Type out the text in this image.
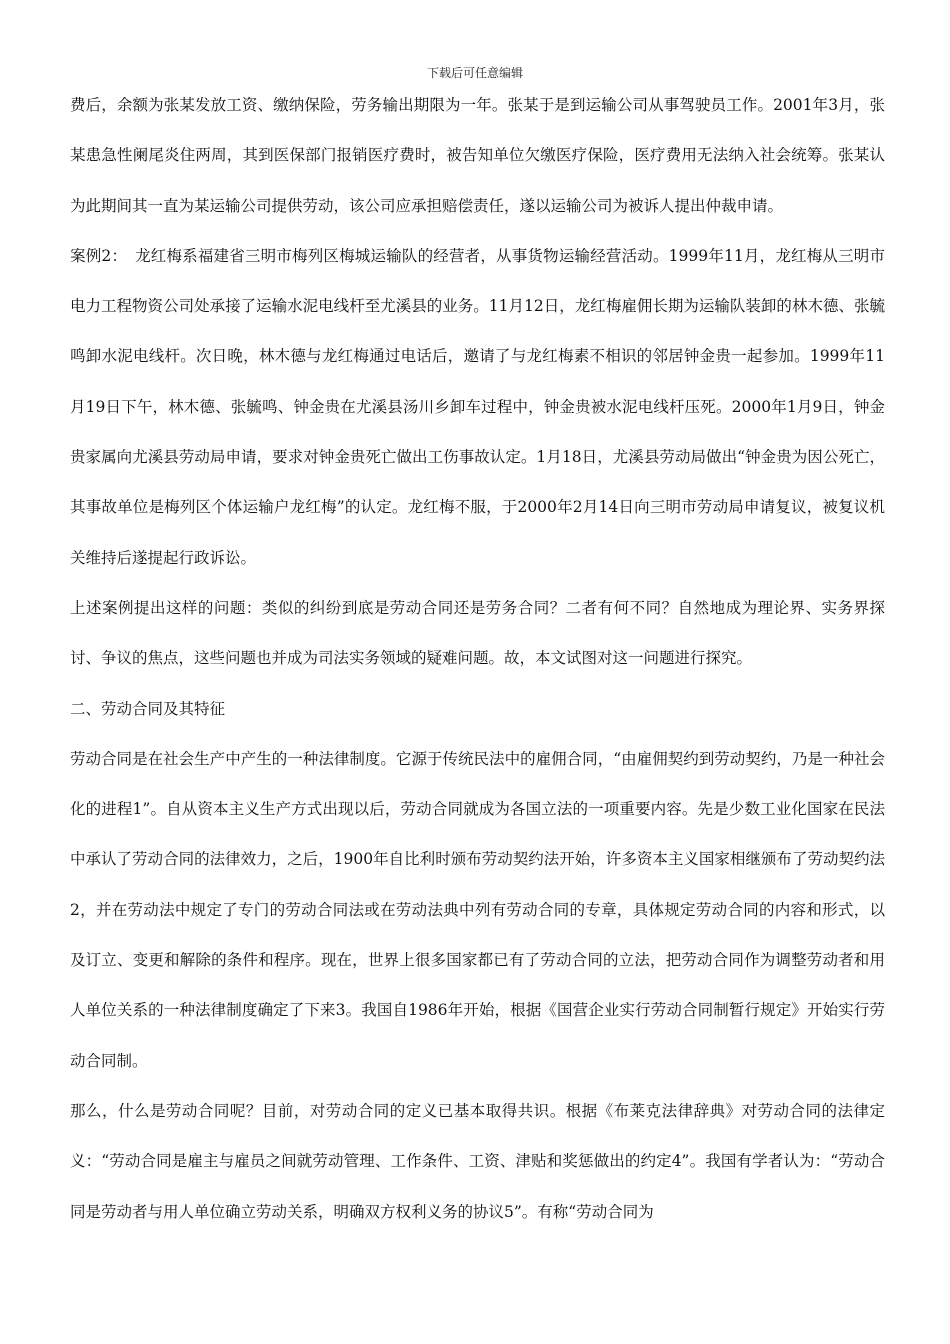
下载后可任意编辑

费后，余额为张某发放工资、缴纳保险，劳务输出期限为一年。张某于是到运输公司从事驾驶员工作。2001年3月，张某患急性阑尾炎住两周，其到医保部门报销医疗费时，被告知单位欠缴医疗保险，医疗费用无法纳入社会统筹。张某认为此期间其一直为某运输公司提供劳动，该公司应承担赔偿责任，遂以运输公司为被诉人提出仲裁申请。

案例2：　龙红梅系福建省三明市梅列区梅城运输队的经营者，从事货物运输经营活动。1999年11月，龙红梅从三明市电力工程物资公司处承接了运输水泥电线杆至尤溪县的业务。11月12日，龙红梅雇佣长期为运输队装卸的林木德、张毓鸣卸水泥电线杆。次日晚，林木德与龙红梅通过电话后，邀请了与龙红梅素不相识的邻居钟金贵一起参加。1999年11月19日下午，林木德、张毓鸣、钟金贵在尤溪县汤川乡卸车过程中，钟金贵被水泥电线杆压死。2000年1月9日，钟金贵家属向尤溪县劳动局申请，要求对钟金贵死亡做出工伤事故认定。1月18日，尤溪县劳动局做出“钟金贵为因公死亡，其事故单位是梅列区个体运输户龙红梅”的认定。龙红梅不服，于2000年2月14日向三明市劳动局申请复议，被复议机关维持后遂提起行政诉讼。

上述案例提出这样的问题：类似的纠纷到底是劳动合同还是劳务合同？二者有何不同？自然地成为理论界、实务界探讨、争议的焦点，这些问题也并成为司法实务领域的疑难问题。故，本文试图对这一问题进行探究。

二、劳动合同及其特征

劳动合同是在社会生产中产生的一种法律制度。它源于传统民法中的雇佣合同，“由雇佣契约到劳动契约，乃是一种社会化的进程1”。自从资本主义生产方式出现以后，劳动合同就成为各国立法的一项重要内容。先是少数工业化国家在民法中承认了劳动合同的法律效力，之后，1900年自比利时颁布劳动契约法开始，许多资本主义国家相继颁布了劳动契约法2，并在劳动法中规定了专门的劳动合同法或在劳动法典中列有劳动合同的专章，具体规定劳动合同的内容和形式，以及订立、变更和解除的条件和程序。现在，世界上很多国家都已有了劳动合同的立法，把劳动合同作为调整劳动者和用人单位关系的一种法律制度确定了下来3。我国自1986年开始，根据《国营企业实行劳动合同制暂行规定》开始实行劳动合同制。

那么，什么是劳动合同呢？目前，对劳动合同的定义已基本取得共识。根据《布莱克法律辞典》对劳动合同的法律定义：“劳动合同是雇主与雇员之间就劳动管理、工作条件、工资、津贴和奖惩做出的约定4”。我国有学者认为：“劳动合同是劳动者与用人单位确立劳动关系，明确双方权利义务的协议5”。有称“劳动合同为
